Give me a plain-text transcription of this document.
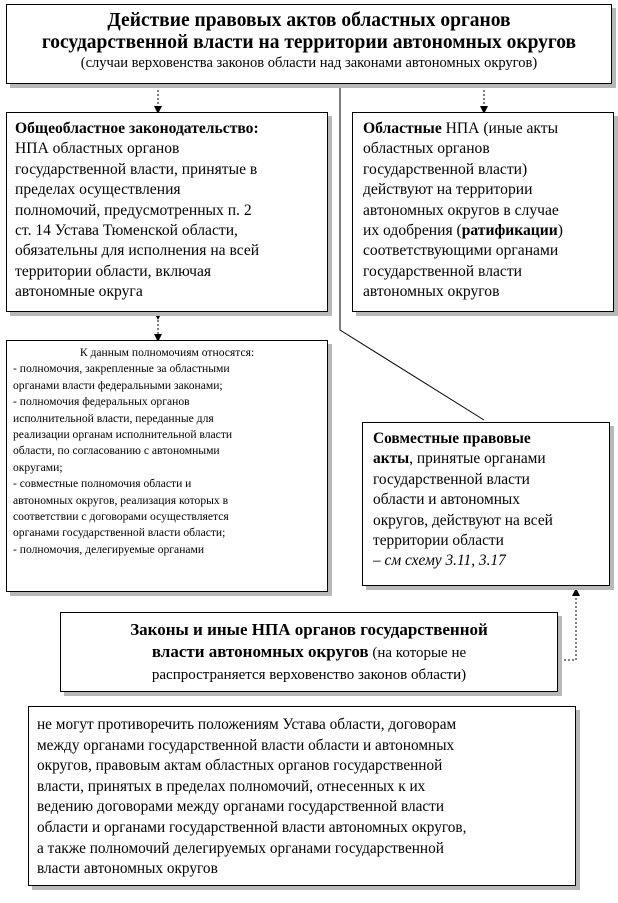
Действие правовых актов областных органов
государственной власти на территории автономных округов
(случаи верховенства законов области над законами автономных округов)
Общеобластное законодательство:
НПА областных органов
государственной власти, принятые в
пределах осуществления
полномочий, предусмотренных п. 2
ст. 14 Устава Тюменской области,
обязательны для исполнения на всей
территории области, включая
автономные округа
Областные НПА (иные акты
областных органов
государственной власти)
действуют на территории
автономных округов в случае
их одобрения (ратификации)
соответствующими органами
государственной власти
автономных округов
К данным полномочиям относятся:
- полномочия, закрепленные за областными
органами власти федеральными законами;
- полномочия федеральных органов
исполнительной власти, переданные для
реализации органам исполнительной власти
области, по согласованию с автономными
округами;
- совместные полномочия области и
автономных округов, реализация которых в
соответствии с договорами осуществляется
органами государственной власти области;
- полномочия, делегируемые органами
Совместные правовые
акты, принятые органами
государственной власти
области и автономных
округов, действуют на всей
территории области
– см схему 3.11, 3.17
Законы и иные НПА органов государственной
власти автономных округов (на которые не
распространяется верховенство законов области)
не могут противоречить положениям Устава области, договорам
между органами государственной власти области и автономных
округов, правовым актам областных органов государственной
власти, принятых в пределах полномочий, отнесенных к их
ведению договорами между органами государственной власти
области и органами государственной власти автономных округов,
а также полномочий делегируемых органами государственной
власти автономных округов
